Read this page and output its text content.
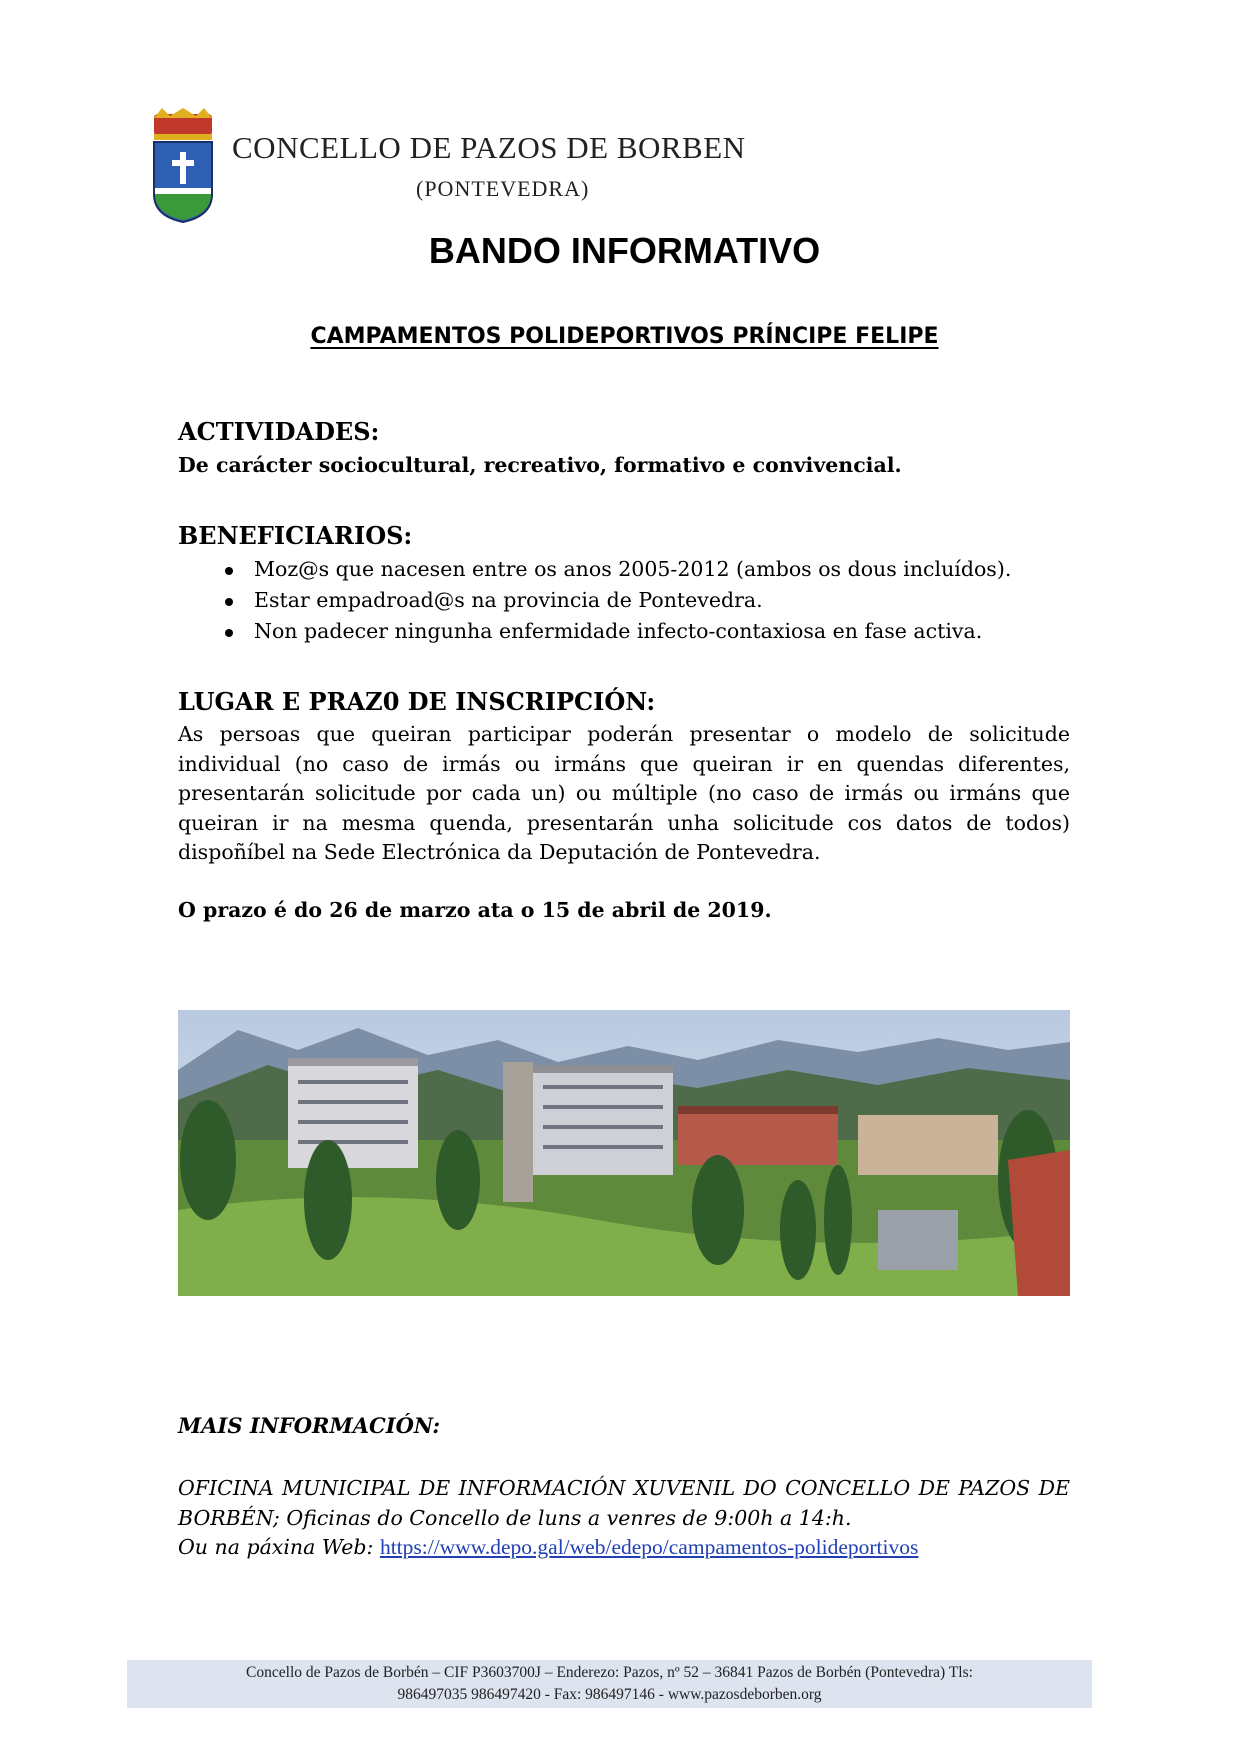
CONCELLO DE PAZOS DE BORBEN
(PONTEVEDRA)
BANDO INFORMATIVO
CAMPAMENTOS POLIDEPORTIVOS PRÍNCIPE FELIPE
ACTIVIDADES:
De carácter sociocultural, recreativo, formativo e convivencial.
BENEFICIARIOS:
Moz@s que nacesen entre os anos 2005-2012 (ambos os dous incluídos).
Estar empadroad@s na provincia de Pontevedra.
Non padecer ningunha enfermidade infecto-contaxiosa en fase activa.
LUGAR E PRAZ0 DE INSCRIPCIÓN:
As persoas que queiran participar poderán presentar o modelo de solicitude individual (no caso de irmás ou irmáns que queiran ir en quendas diferentes, presentarán solicitude por cada un) ou múltiple (no caso de irmás ou irmáns que queiran ir na mesma quenda, presentarán unha solicitude cos datos de todos) dispoñíbel na Sede Electrónica da Deputación de Pontevedra.
O prazo é do 26 de marzo ata o 15 de abril de 2019.
MAIS INFORMACIÓN:
OFICINA MUNICIPAL DE INFORMACIÓN XUVENIL DO CONCELLO DE PAZOS DE BORBÉN; Oficinas do Concello de luns a venres de 9:00h a 14:h.
Ou na páxina Web: https://www.depo.gal/web/edepo/campamentos-polideportivos
Concello de Pazos de Borbén – CIF P3603700J – Enderezo: Pazos, nº 52 – 36841 Pazos de Borbén (Pontevedra) Tls:
986497035 986497420 - Fax: 986497146 - www.pazosdeborben.org
